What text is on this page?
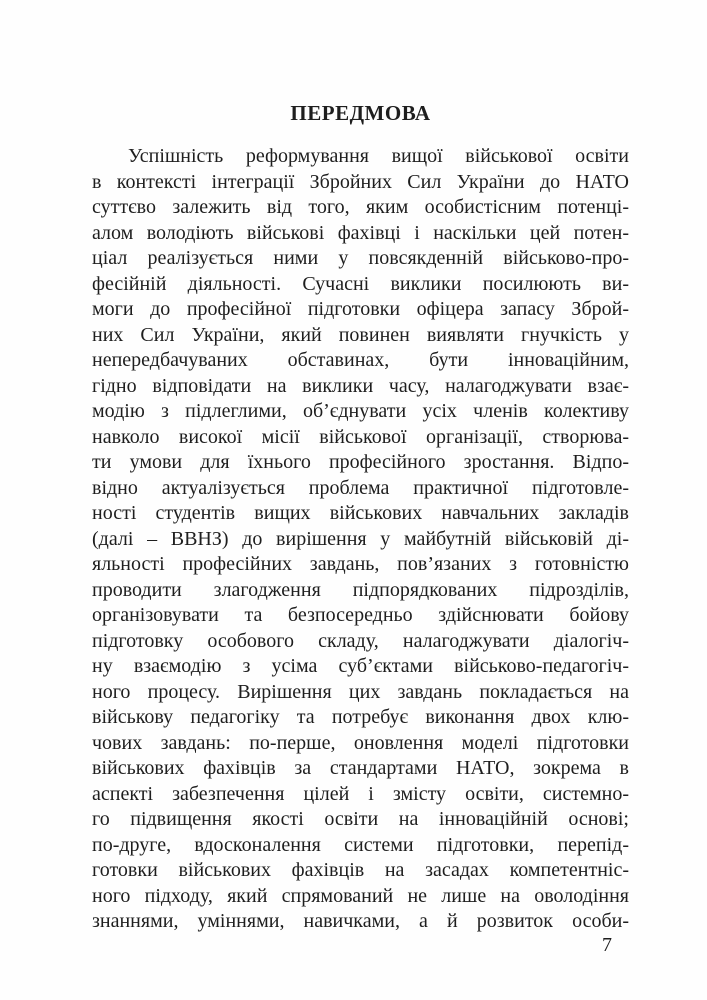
ПЕРЕДМОВА
Успішність реформування вищої військової освіти
в контексті інтеграції Збройних Сил України до НАТО
суттєво залежить від того, яким особистісним потенці-
алом володіють військові фахівці і наскільки цей потен-
ціал реалізується ними у повсякденній військово-про-
фесійній діяльності. Сучасні виклики посилюють ви-
моги до професійної підготовки офіцера запасу Зброй-
них Сил України, який повинен виявляти гнучкість у
непередбачуваних обставинах, бути інноваційним,
гідно відповідати на виклики часу, налагоджувати взає-
модію з підлеглими, об’єднувати усіх членів колективу
навколо високої місії військової організації, створюва-
ти умови для їхнього професійного зростання. Відпо-
відно актуалізується проблема практичної підготовле-
ності студентів вищих військових навчальних закладів
(далі – ВВНЗ) до вирішення у майбутній військовій ді-
яльності професійних завдань, пов’язаних з готовністю
проводити злагодження підпорядкованих підрозділів,
організовувати та безпосередньо здійснювати бойову
підготовку особового складу, налагоджувати діалогіч-
ну взаємодію з усіма суб’єктами військово-педагогіч-
ного процесу. Вирішення цих завдань покладається на
військову педагогіку та потребує виконання двох клю-
чових завдань: по-перше, оновлення моделі підготовки
військових фахівців за стандартами НАТО, зокрема в
аспекті забезпечення цілей і змісту освіти, системно-
го підвищення якості освіти на інноваційній основі;
по-друге, вдосконалення системи підготовки, перепід-
готовки військових фахівців на засадах компетентніс-
ного підходу, який спрямований не лише на оволодіння
знаннями, уміннями, навичками, а й розвиток особи-
7
